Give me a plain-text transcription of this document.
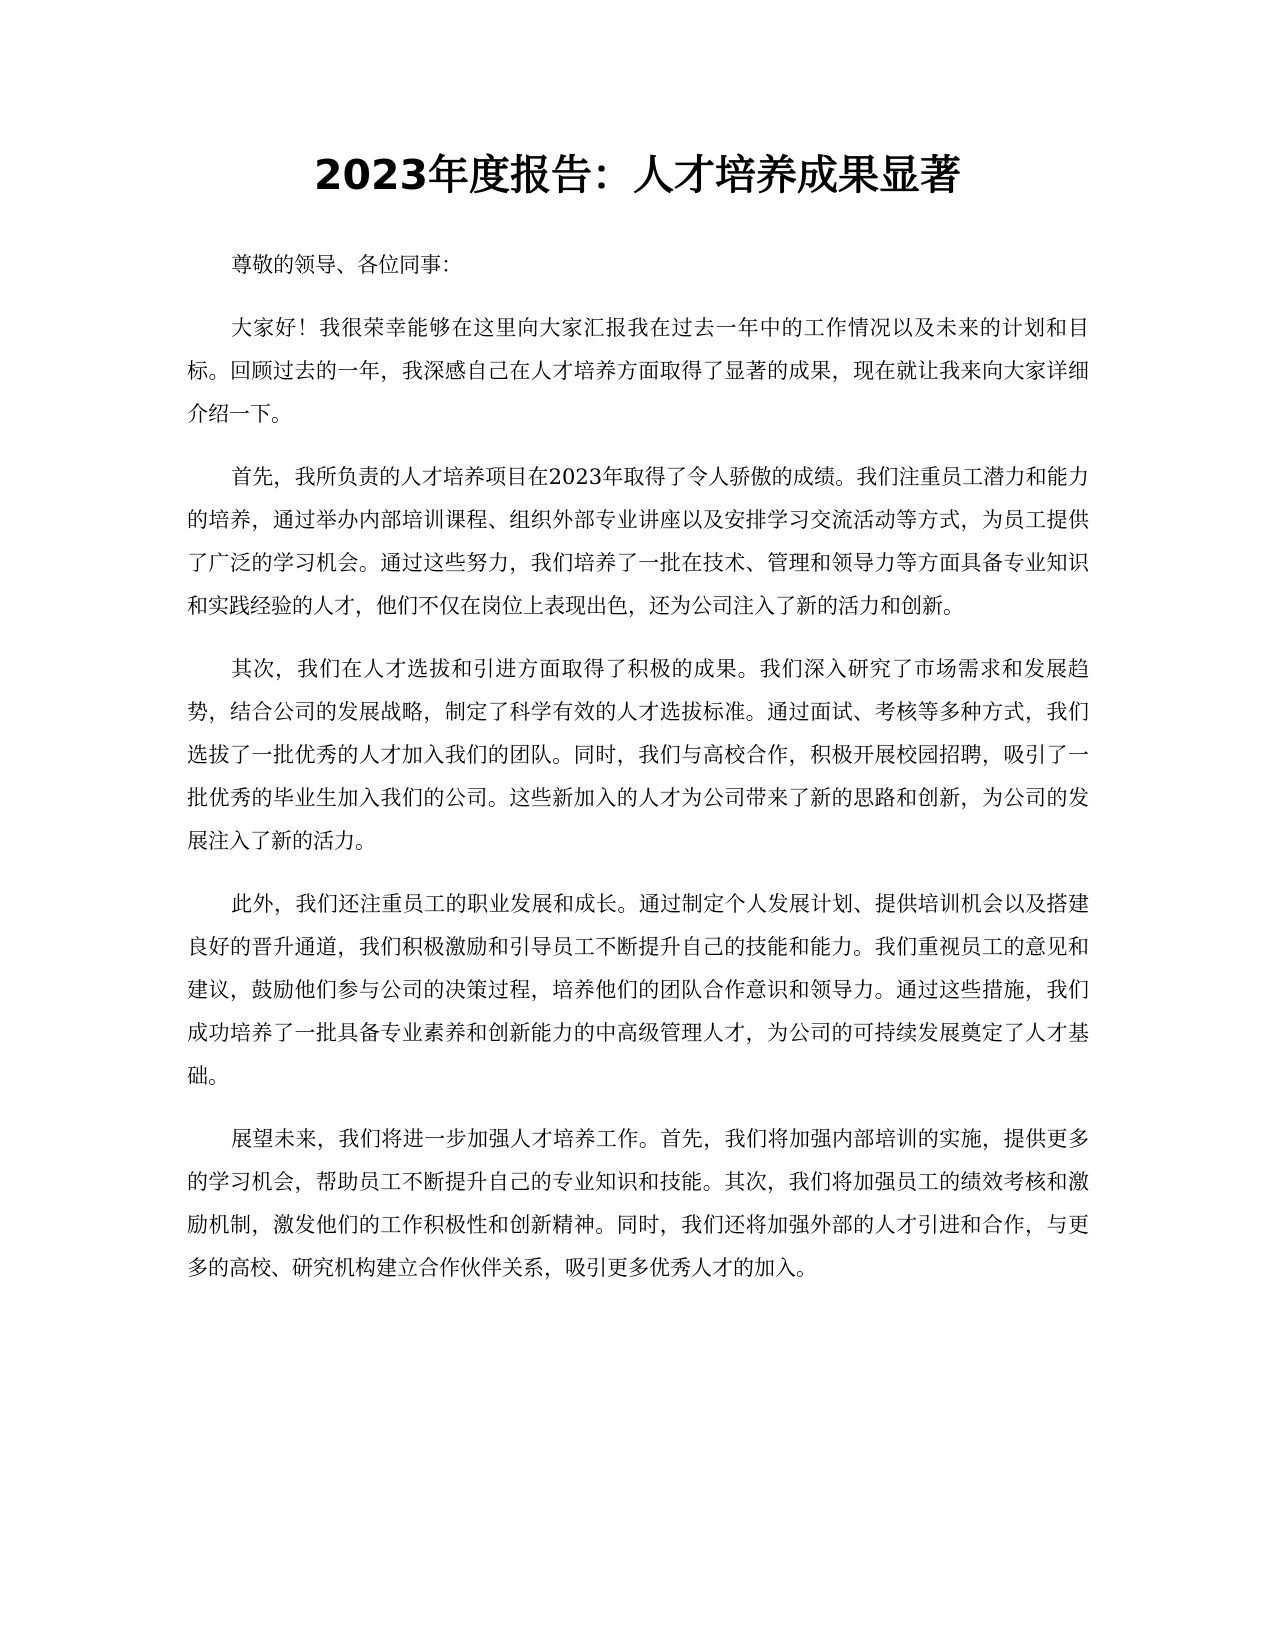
2023年度报告：人才培养成果显著

尊敬的领导、各位同事：

大家好！我很荣幸能够在这里向大家汇报我在过去一年中的工作情况以及未来的计划和目标。回顾过去的一年，我深感自己在人才培养方面取得了显著的成果，现在就让我来向大家详细介绍一下。

首先，我所负责的人才培养项目在2023年取得了令人骄傲的成绩。我们注重员工潜力和能力的培养，通过举办内部培训课程、组织外部专业讲座以及安排学习交流活动等方式，为员工提供了广泛的学习机会。通过这些努力，我们培养了一批在技术、管理和领导力等方面具备专业知识和实践经验的人才，他们不仅在岗位上表现出色，还为公司注入了新的活力和创新。

其次，我们在人才选拔和引进方面取得了积极的成果。我们深入研究了市场需求和发展趋势，结合公司的发展战略，制定了科学有效的人才选拔标准。通过面试、考核等多种方式，我们选拔了一批优秀的人才加入我们的团队。同时，我们与高校合作，积极开展校园招聘，吸引了一批优秀的毕业生加入我们的公司。这些新加入的人才为公司带来了新的思路和创新，为公司的发展注入了新的活力。

此外，我们还注重员工的职业发展和成长。通过制定个人发展计划、提供培训机会以及搭建良好的晋升通道，我们积极激励和引导员工不断提升自己的技能和能力。我们重视员工的意见和建议，鼓励他们参与公司的决策过程，培养他们的团队合作意识和领导力。通过这些措施，我们成功培养了一批具备专业素养和创新能力的中高级管理人才，为公司的可持续发展奠定了人才基础。

展望未来，我们将进一步加强人才培养工作。首先，我们将加强内部培训的实施，提供更多的学习机会，帮助员工不断提升自己的专业知识和技能。其次，我们将加强员工的绩效考核和激励机制，激发他们的工作积极性和创新精神。同时，我们还将加强外部的人才引进和合作，与更多的高校、研究机构建立合作伙伴关系，吸引更多优秀人才的加入。
